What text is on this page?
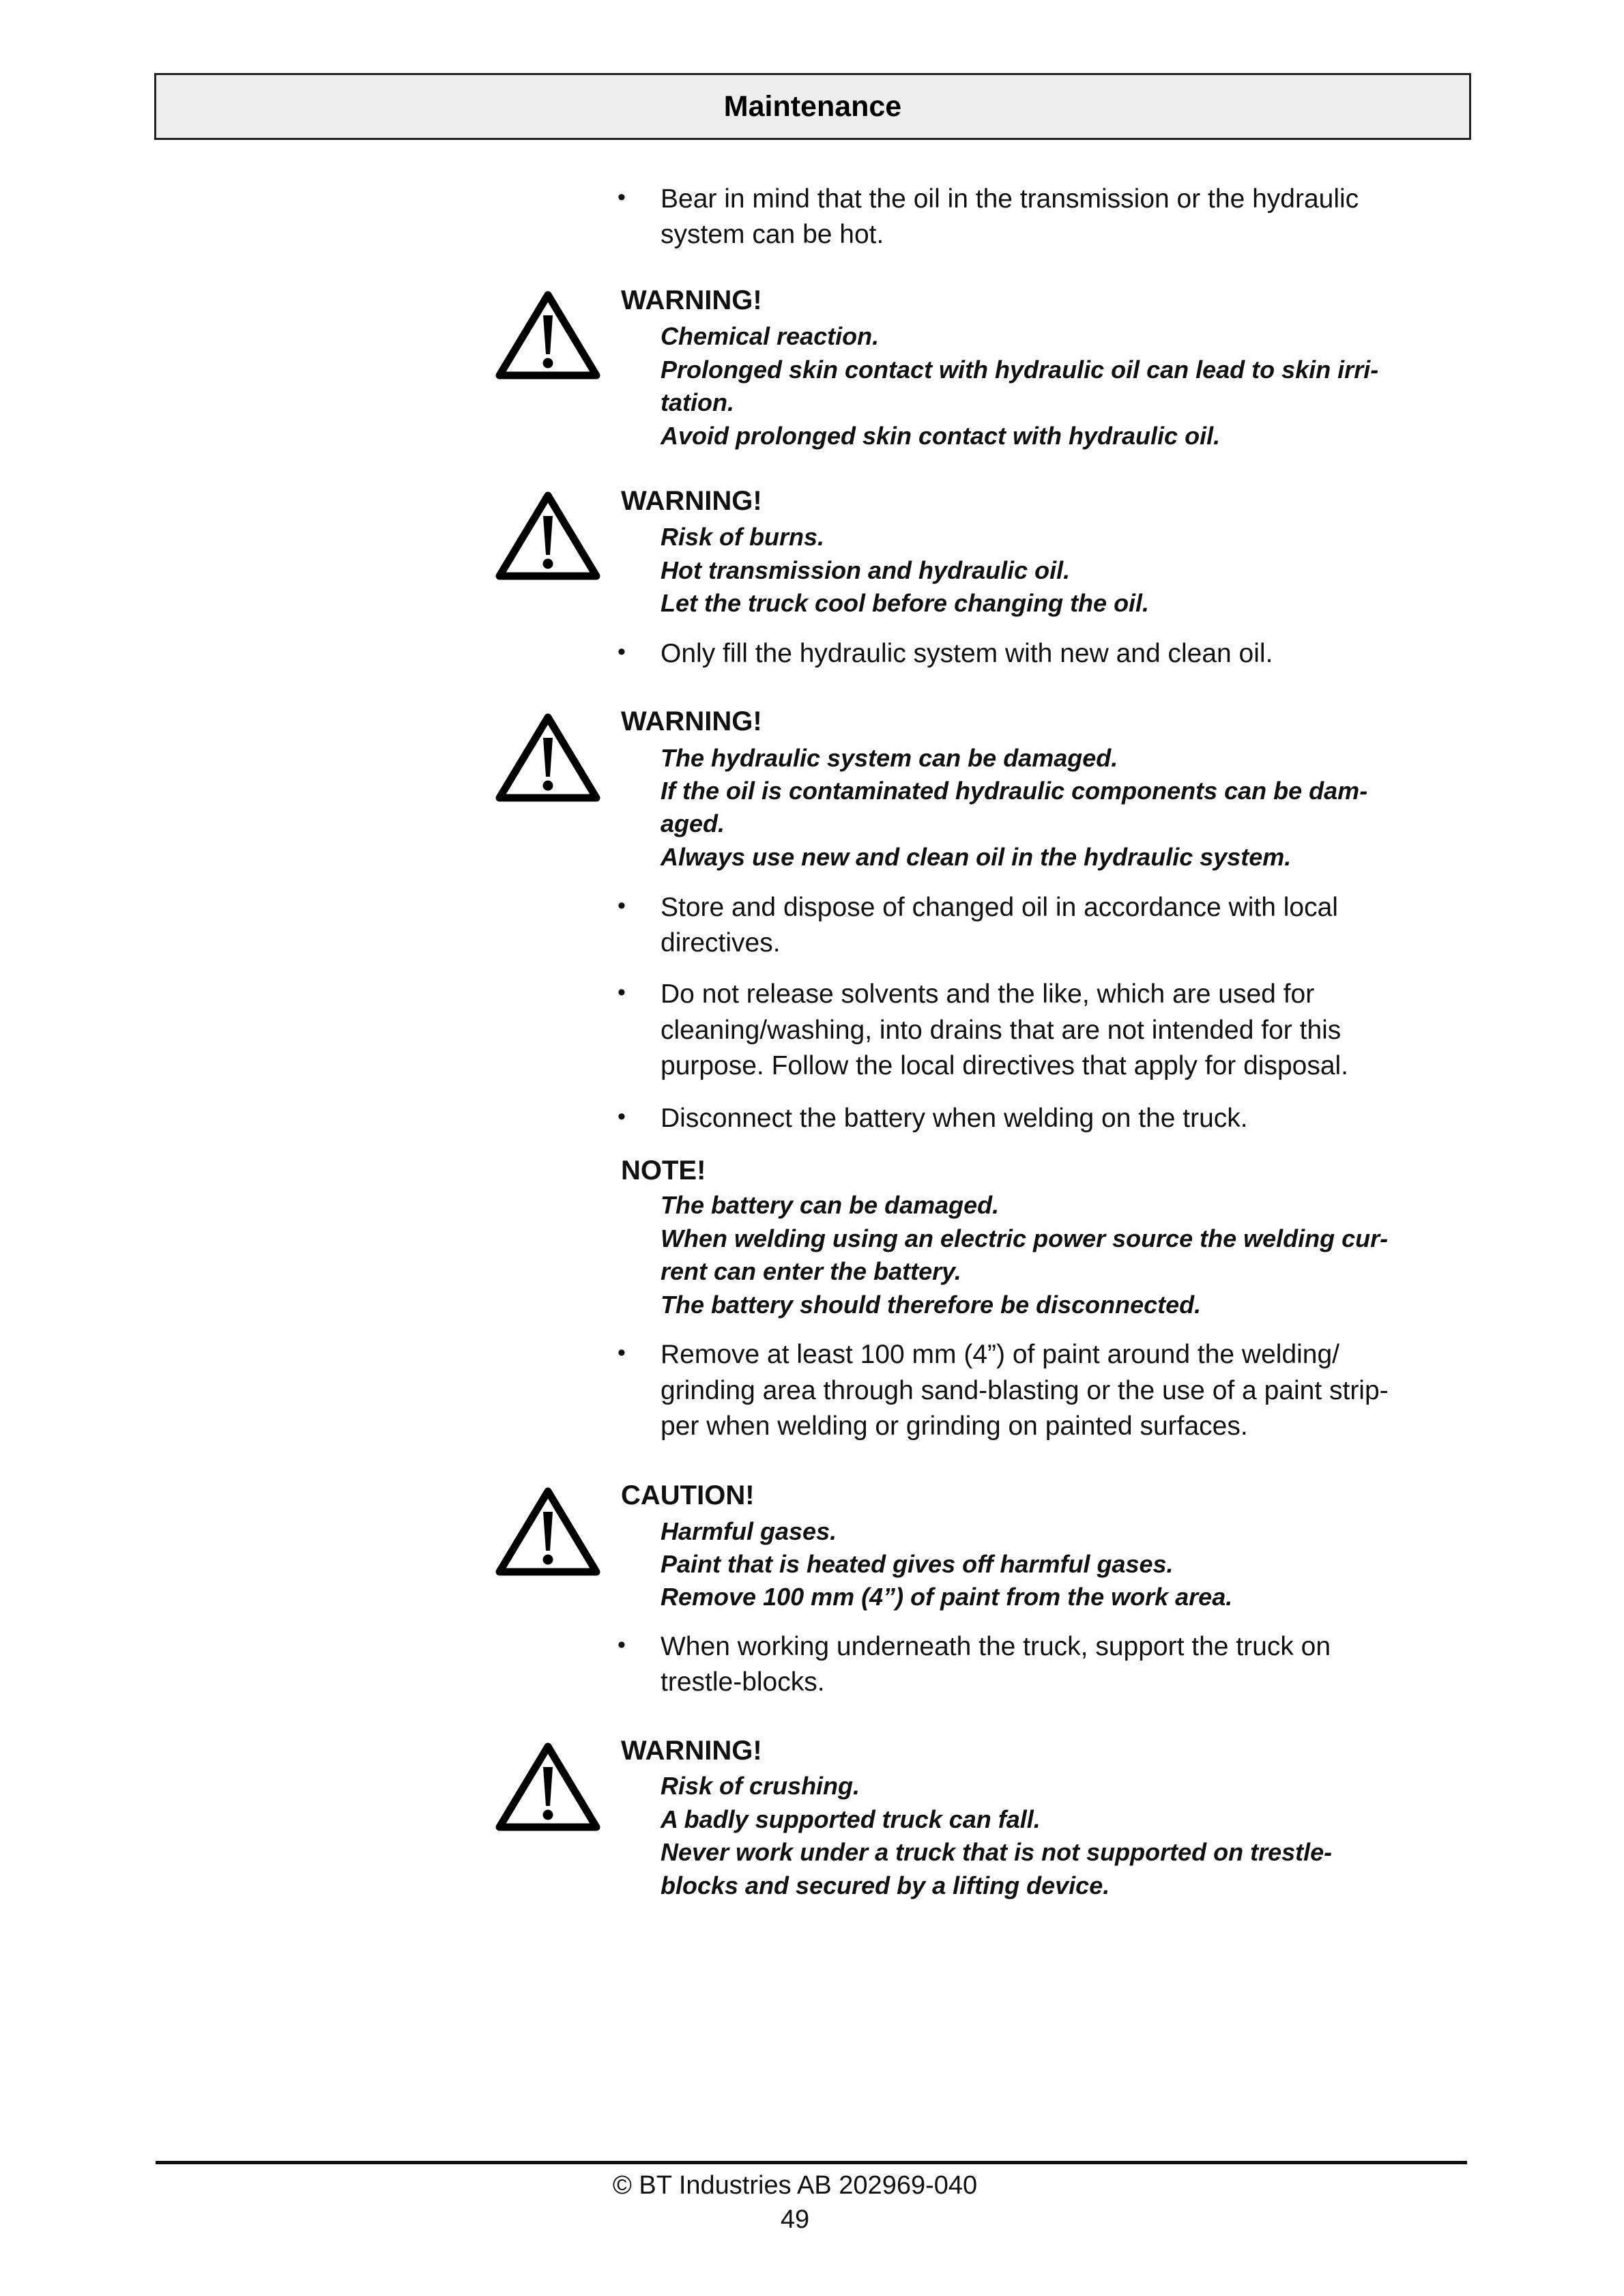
Maintenance
• Bear in mind that the oil in the transmission or the hydraulic
system can be hot.
WARNING!
Chemical reaction.
Prolonged skin contact with hydraulic oil can lead to skin irri-
tation.
Avoid prolonged skin contact with hydraulic oil.
WARNING!
Risk of burns.
Hot transmission and hydraulic oil.
Let the truck cool before changing the oil.
• Only fill the hydraulic system with new and clean oil.
WARNING!
The hydraulic system can be damaged.
If the oil is contaminated hydraulic components can be dam-
aged.
Always use new and clean oil in the hydraulic system.
• Store and dispose of changed oil in accordance with local
directives.
• Do not release solvents and the like, which are used for
cleaning/washing, into drains that are not intended for this
purpose. Follow the local directives that apply for disposal.
• Disconnect the battery when welding on the truck.
NOTE!
The battery can be damaged.
When welding using an electric power source the welding cur-
rent can enter the battery.
The battery should therefore be disconnected.
• Remove at least 100 mm (4”) of paint around the welding/
grinding area through sand-blasting or the use of a paint strip-
per when welding or grinding on painted surfaces.
CAUTION!
Harmful gases.
Paint that is heated gives off harmful gases.
Remove 100 mm (4”) of paint from the work area.
• When working underneath the truck, support the truck on
trestle-blocks.
WARNING!
Risk of crushing.
A badly supported truck can fall.
Never work under a truck that is not supported on trestle-
blocks and secured by a lifting device.
© BT Industries AB 202969-040
49
